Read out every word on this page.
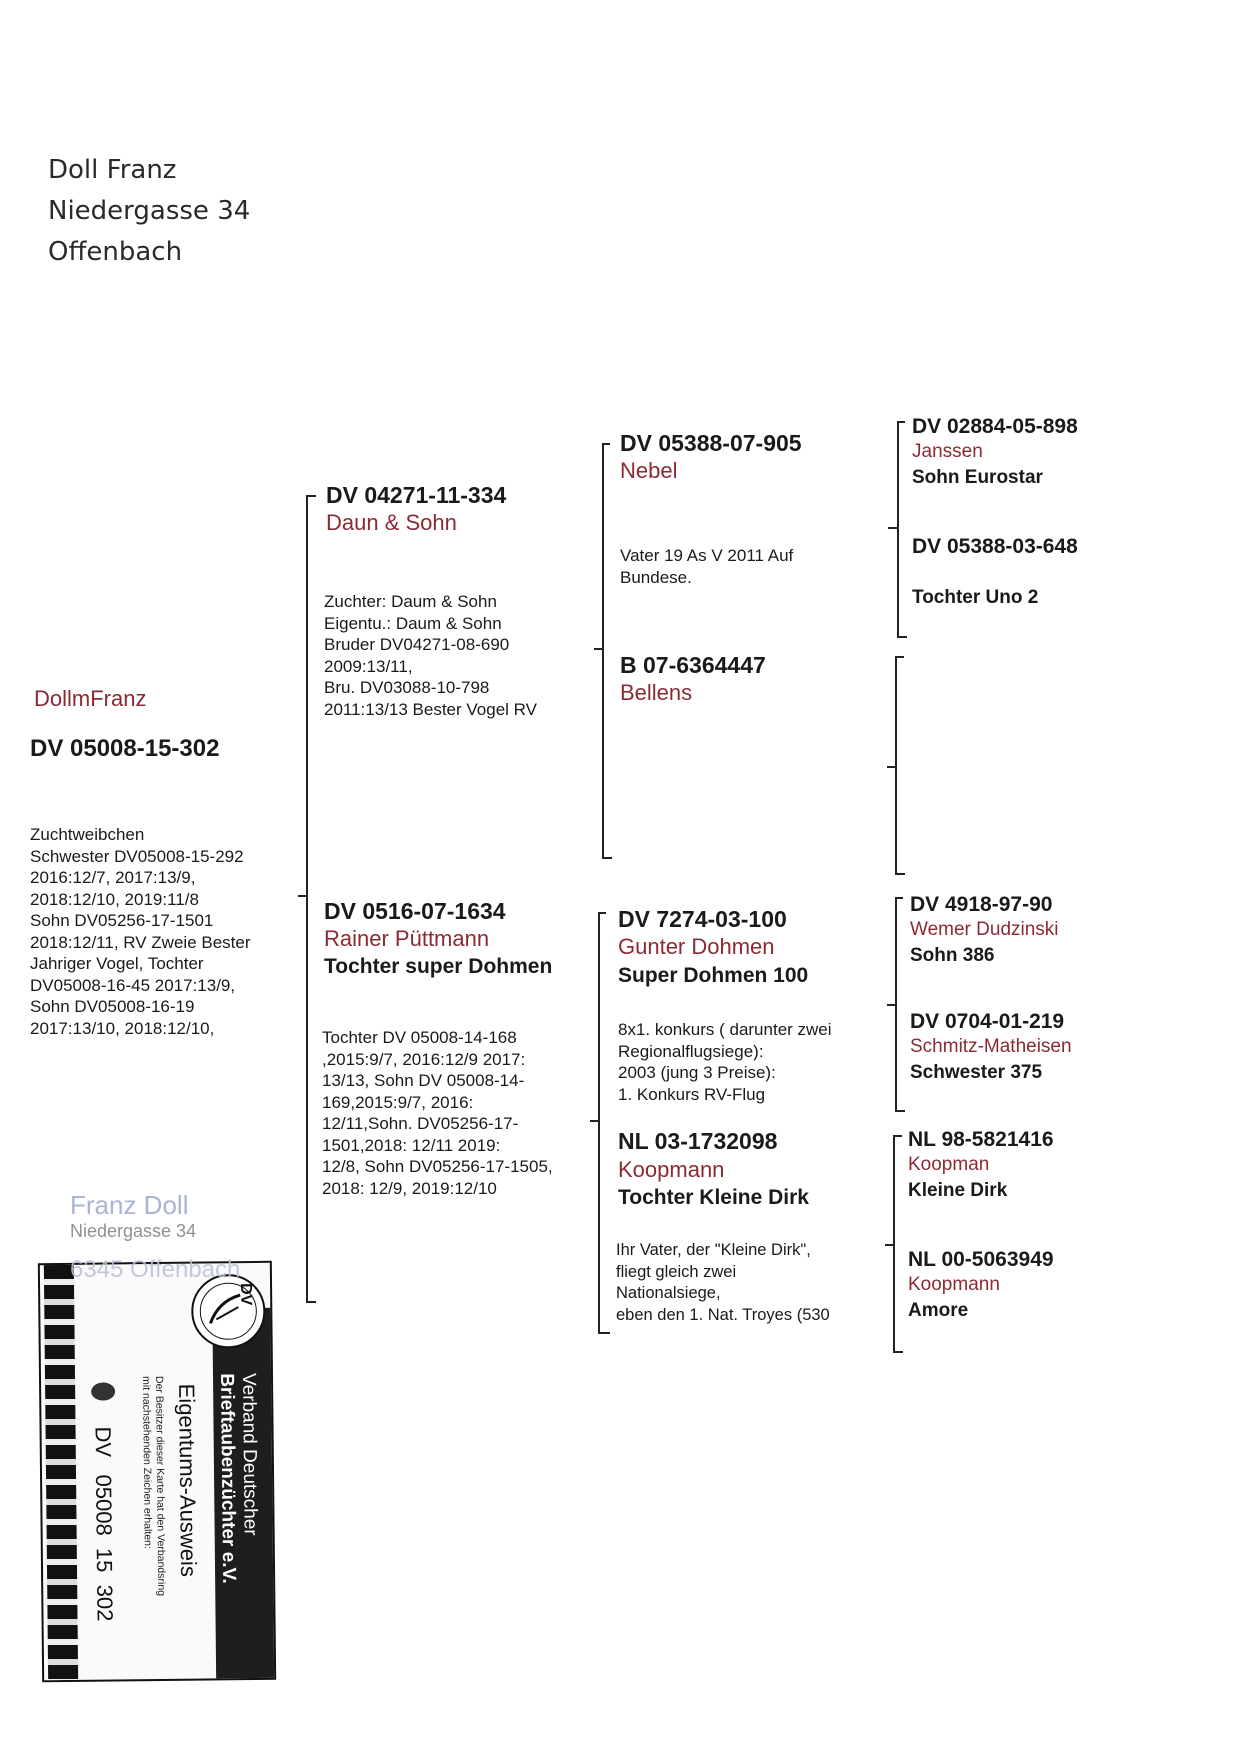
Doll Franz
Niedergasse 34
Offenbach
DollmFranz
DV 05008-15-302
Zuchtweibchen
Schwester DV05008-15-292
2016:12/7, 2017:13/9,
2018:12/10, 2019:11/8
Sohn DV05256-17-1501
2018:12/11, RV Zweie Bester
Jahriger Vogel, Tochter
DV05008-16-45 2017:13/9,
Sohn DV05008-16-19
2017:13/10, 2018:12/10,
DV 04271-11-334
Daun & Sohn
Zuchter: Daum & Sohn
Eigentu.: Daum & Sohn
Bruder DV04271-08-690
2009:13/11,
Bru. DV03088-10-798
2011:13/13 Bester Vogel RV
DV 0516-07-1634
Rainer Püttmann
Tochter super Dohmen
Tochter DV 05008-14-168
,2015:9/7, 2016:12/9 2017:
13/13, Sohn DV 05008-14-
169,2015:9/7, 2016:
12/11,Sohn. DV05256-17-
1501,2018: 12/11 2019:
12/8, Sohn DV05256-17-1505,
2018: 12/9, 2019:12/10
DV 05388-07-905
Nebel
Vater 19 As V 2011 Auf
Bundese.
B 07-6364447
Bellens
DV 7274-03-100
Gunter Dohmen
Super Dohmen 100
8x1. konkurs ( darunter zwei
Regionalflugsiege):
2003 (jung 3 Preise):
1. Konkurs RV-Flug
NL 03-1732098
Koopmann
Tochter Kleine Dirk
Ihr Vater, der "Kleine Dirk",
fliegt gleich zwei
Nationalsiege,
eben den 1. Nat. Troyes (530
DV 02884-05-898
Janssen
Sohn Eurostar
DV 05388-03-648
Tochter Uno 2
DV 4918-97-90
Wemer Dudzinski
Sohn 386
DV 0704-01-219
Schmitz-Matheisen
Schwester 375
NL 98-5821416
Koopman
Kleine Dirk
NL 00-5063949
Koopmann
Amore
DV
Verband Deutscher
Brieftaubenzüchter e.V.
Eigentums-Ausweis
Der Besitzer dieser Karte hat den Verbandsring
mit nachstehenden Zeichen erhalten:
DV
05008  15  302
Franz Doll
Niedergasse 34
6345 Offenbach
